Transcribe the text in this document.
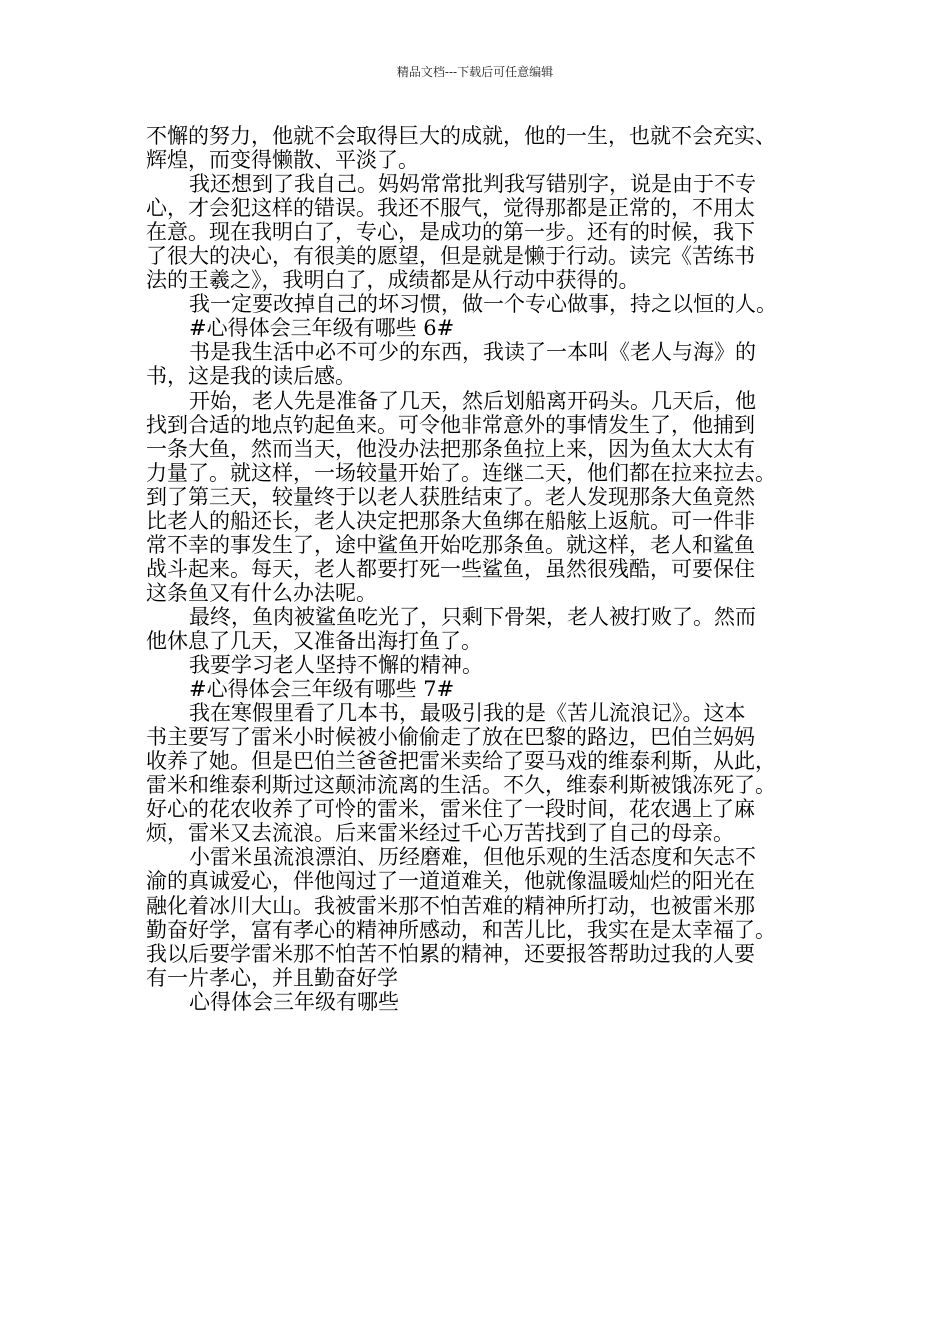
精品文档---下载后可任意编辑
不懈的努力，他就不会取得巨大的成就，他的一生，也就不会充实、
辉煌，而变得懒散、平淡了。
我还想到了我自己。妈妈常常批判我写错别字，说是由于不专
心，才会犯这样的错误。我还不服气，觉得那都是正常的，不用太
在意。现在我明白了，专心，是成功的第一步。还有的时候，我下
了很大的决心，有很美的愿望，但是就是懒于行动。读完《苦练书
法的王羲之》，我明白了，成绩都是从行动中获得的。
我一定要改掉自己的坏习惯，做一个专心做事，持之以恒的人。
#心得体会三年级有哪些 6#
书是我生活中必不可少的东西，我读了一本叫《老人与海》的
书，这是我的读后感。
开始，老人先是准备了几天，然后划船离开码头。几天后，他
找到合适的地点钓起鱼来。可令他非常意外的事情发生了，他捕到
一条大鱼，然而当天，他没办法把那条鱼拉上来，因为鱼太大太有
力量了。就这样，一场较量开始了。连继二天，他们都在拉来拉去。
到了第三天，较量终于以老人获胜结束了。老人发现那条大鱼竟然
比老人的船还长，老人决定把那条大鱼绑在船舷上返航。可一件非
常不幸的事发生了，途中鲨鱼开始吃那条鱼。就这样，老人和鲨鱼
战斗起来。每天，老人都要打死一些鲨鱼，虽然很残酷，可要保住
这条鱼又有什么办法呢。
最终，鱼肉被鲨鱼吃光了，只剩下骨架，老人被打败了。然而
他休息了几天，又准备出海打鱼了。
我要学习老人坚持不懈的精神。
#心得体会三年级有哪些 7#
我在寒假里看了几本书，最吸引我的是《苦儿流浪记》。这本
书主要写了雷米小时候被小偷偷走了放在巴黎的路边，巴伯兰妈妈
收养了她。但是巴伯兰爸爸把雷米卖给了耍马戏的维泰利斯，从此，
雷米和维泰利斯过这颠沛流离的生活。不久，维泰利斯被饿冻死了。
好心的花农收养了可怜的雷米，雷米住了一段时间，花农遇上了麻
烦，雷米又去流浪。后来雷米经过千心万苦找到了自己的母亲。
小雷米虽流浪漂泊、历经磨难，但他乐观的生活态度和矢志不
渝的真诚爱心，伴他闯过了一道道难关，他就像温暖灿烂的阳光在
融化着冰川大山。我被雷米那不怕苦难的精神所打动，也被雷米那
勤奋好学，富有孝心的精神所感动，和苦儿比，我实在是太幸福了。
我以后要学雷米那不怕苦不怕累的精神，还要报答帮助过我的人要
有一片孝心，并且勤奋好学
心得体会三年级有哪些
